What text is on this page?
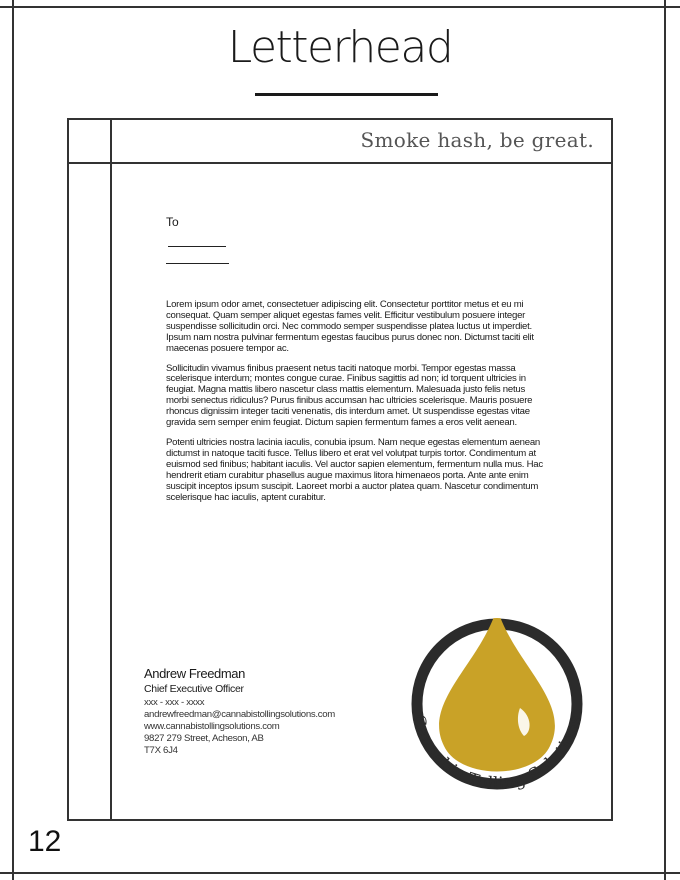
Letterhead
Smoke hash, be great.
To

Lorem ipsum odor amet, consectetuer adipiscing elit. Consectetur porttitor metus et eu mi consequat. Quam semper aliquet egestas fames velit. Efficitur vestibulum posuere integer suspendisse sollicitudin orci. Nec commodo semper suspendisse platea luctus ut imperdiet. Ipsum nam nostra pulvinar fermentum egestas faucibus purus donec non. Dictumst taciti elit maecenas posuere tempor ac.

Sollicitudin vivamus finibus praesent netus taciti natoque morbi. Tempor egestas massa scelerisque interdum; montes congue curae. Finibus sagittis ad non; id torquent ultricies in feugiat. Magna mattis libero nascetur class mattis elementum. Malesuada justo felis netus morbi senectus ridiculus? Purus finibus accumsan hac ultricies scelerisque. Mauris posuere rhoncus dignissim integer taciti venenatis, dis interdum amet. Ut suspendisse egestas vitae gravida sem semper enim feugiat. Dictum sapien fermentum fames a eros velit aenean.

Potenti ultricies nostra lacinia iaculis, conubia ipsum. Nam neque egestas elementum aenean dictumst in natoque taciti fusce. Tellus libero et erat vel volutpat turpis tortor. Condimentum at euismod sed finibus; habitant iaculis. Vel auctor sapien elementum, fermentum nulla mus. Hac hendrerit etiam curabitur phasellus augue maximus litora himenaeos porta. Ante ante enim suscipit inceptos ipsum suscipit. Laoreet morbi a auctor platea quam. Nascetur condimentum scelerisque hac iaculis, aptent curabitur.

Andrew Freedman
Chief Executive Officer
xxx - xxx - xxxx
andrewfreedman@cannabistollingsolutions.com
www.cannabistollingsolutions.com
9827 279 Street, Acheson, AB
T7X 6J4
Cannabis Tolling Solutions
12
